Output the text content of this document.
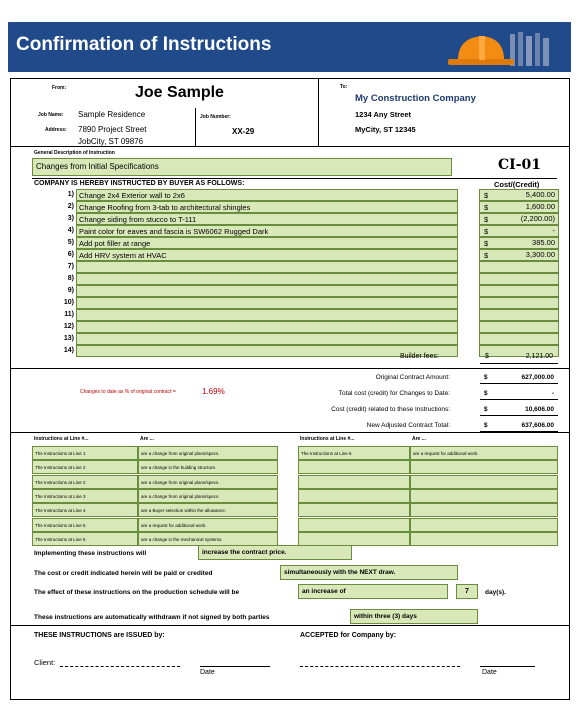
Confirmation of Instructions
From:	Joe Sample	To:
My Construction Company
1234 Any Street
MyCity, ST 12345
Job Name: Sample Residence
Address: 7890 Project Street
JobCity, ST 09876
Job Number:
XX-29
General Description of Instruction
Changes from Initial Specifications	CI-01
COMPANY IS HEREBY INSTRUCTED BY BUYER AS FOLLOWS:	Cost/(Credit)
1) Change 2x4 Exterior wall to 2x6	$	5,400.00
2) Change Roofing from 3-tab to architectural shingles	$	1,600.00
3) Change siding from stucco to T-111	$	(2,200.00)
4) Paint color for eaves and fascia is SW6062 Rugged Dark	$	-
5) Add pot filler at range	$	385.00
6) Add HRV system at HVAC	$	3,300.00
7)
8)
9)
10)
11)
12)
13)
14)
Builder fees:	$	2,121.00
Changes to date as % of original contract =	1.69%
Original Contract Amount:	$	627,000.00
Total cost (credit) for Changes to Date:	$	-
Cost (credit) related to these Instructions:	$	10,606.00
New Adjusted Contract Total:	$	637,606.00
Instructions at Line #...	Are ...	Instructions at Line #...	Are ...
The Instructions at Line 1	are a change from original plans/specs.
The Instructions at Line 2	are a change in the building structure.
The Instructions at Line 2	are a change from original plans/specs.
The Instructions at Line 3	are a change from original plans/specs.
The Instructions at Line 4	are a Buyer selection within the allowance.
The Instructions at Line 5	are a request for additional work.
The Instructions at Line 6	are a change in the mechanical systems.
The Instructions at Line 6	are a request for additional work.
Implementing these instructions will	increase the contract price.
The cost or credit indicated herein will be paid or credited	simultaneously with the NEXT draw.
The effect of these instructions on the production schedule will be	an increase of	7	day(s).
These instructions are automatically withdrawn if not signed by both parties	within three (3) days
THESE INSTRUCTIONS are ISSUED by:	ACCEPTED for Company by:
Client:
Date	Date
